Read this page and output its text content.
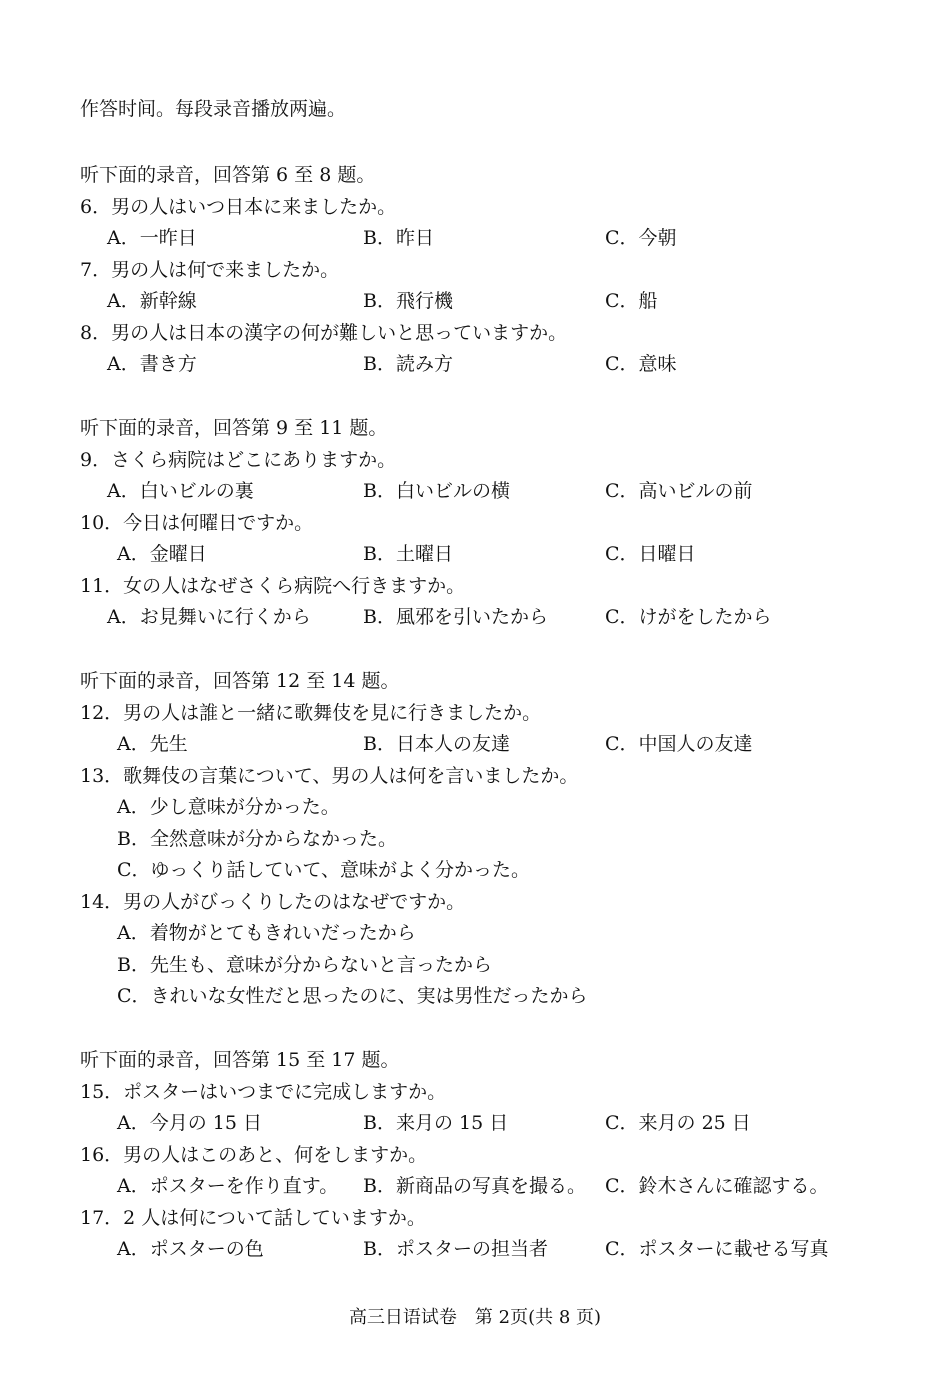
作答时间。每段录音播放两遍。
听下面的录音，回答第 6 至 8 题。
6．男の人はいつ日本に来ましたか。
A．一昨日	B．昨日	C．今朝
7．男の人は何で来ましたか。
A．新幹線	B．飛行機	C．船
8．男の人は日本の漢字の何が難しいと思っていますか。
A．書き方	B．読み方	C．意味
听下面的录音，回答第 9 至 11 题。
9．さくら病院はどこにありますか。
A．白いビルの裏	B．白いビルの横	C．高いビルの前
10．今日は何曜日ですか。
A．金曜日	B．土曜日	C．日曜日
11．女の人はなぜさくら病院へ行きますか。
A．お見舞いに行くから	B．風邪を引いたから	C．けがをしたから
听下面的录音，回答第 12 至 14 题。
12．男の人は誰と一緒に歌舞伎を見に行きましたか。
A．先生	B．日本人の友達	C．中国人の友達
13．歌舞伎の言葉について、男の人は何を言いましたか。
A．少し意味が分かった。
B．全然意味が分からなかった。
C．ゆっくり話していて、意味がよく分かった。
14．男の人がびっくりしたのはなぜですか。
A．着物がとてもきれいだったから
B．先生も、意味が分からないと言ったから
C．きれいな女性だと思ったのに、実は男性だったから
听下面的录音，回答第 15 至 17 题。
15．ポスターはいつまでに完成しますか。
A．今月の 15 日	B．来月の 15 日	C．来月の 25 日
16．男の人はこのあと、何をしますか。
A．ポスターを作り直す。 B．新商品の写真を撮る。 C．鈴木さんに確認する。
17．2 人は何について話していますか。
A．ポスターの色	B．ポスターの担当者	C．ポスターに載せる写真
高三日语试卷　第 2页(共 8 页)
